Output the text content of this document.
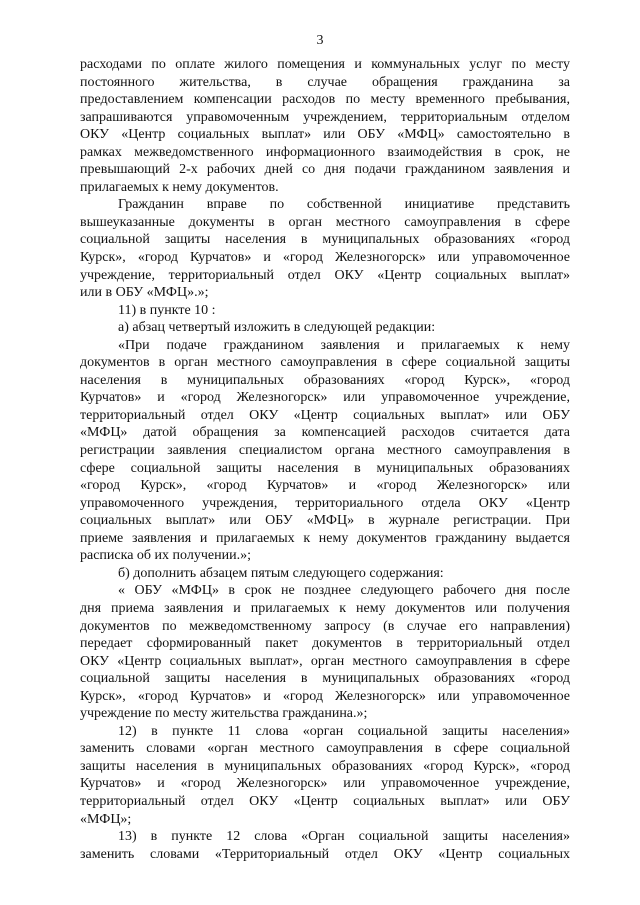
3
расходами по оплате жилого помещения и коммунальных услуг по месту
постоянного жительства, в случае обращения гражданина за
предоставлением компенсации расходов по месту временного пребывания,
запрашиваются управомоченным учреждением, территориальным отделом
ОКУ «Центр социальных выплат» или ОБУ «МФЦ» самостоятельно в
рамках межведомственного информационного взаимодействия в срок, не
превышающий 2-х рабочих дней со дня подачи гражданином заявления и
прилагаемых к нему документов.
Гражданин вправе по собственной инициативе представить
вышеуказанные документы в орган местного самоуправления в сфере
социальной защиты населения в муниципальных образованиях «город
Курск», «город Курчатов» и «город Железногорск» или управомоченное
учреждение, территориальный отдел ОКУ «Центр социальных выплат»
или в ОБУ «МФЦ».»;
11) в пункте 10 :
а) абзац четвертый изложить в следующей редакции:
«При подаче гражданином заявления и прилагаемых к нему
документов в орган местного самоуправления в сфере социальной защиты
населения в муниципальных образованиях «город Курск», «город
Курчатов» и «город Железногорск» или управомоченное учреждение,
территориальный отдел ОКУ «Центр социальных выплат» или ОБУ
«МФЦ» датой обращения за компенсацией расходов считается дата
регистрации заявления специалистом органа местного самоуправления в
сфере социальной защиты населения в муниципальных образованиях
«город Курск», «город Курчатов» и «город Железногорск» или
управомоченного учреждения, территориального отдела ОКУ «Центр
социальных выплат» или ОБУ «МФЦ» в журнале регистрации. При
приеме заявления и прилагаемых к нему документов гражданину выдается
расписка об их получении.»;
б) дополнить абзацем пятым следующего содержания:
« ОБУ «МФЦ» в срок не позднее следующего рабочего дня после
дня приема заявления и прилагаемых к нему документов или получения
документов по межведомственному запросу (в случае его направления)
передает сформированный пакет документов в территориальный отдел
ОКУ «Центр социальных выплат», орган местного самоуправления в сфере
социальной защиты населения в муниципальных образованиях «город
Курск», «город Курчатов» и «город Железногорск» или управомоченное
учреждение по месту жительства гражданина.»;
12) в пункте 11 слова «орган социальной защиты населения»
заменить словами «орган местного самоуправления в сфере социальной
защиты населения в муниципальных образованиях «город Курск», «город
Курчатов» и «город Железногорск» или управомоченное учреждение,
территориальный отдел ОКУ «Центр социальных выплат» или ОБУ
«МФЦ»;
13) в пункте 12 слова «Орган социальной защиты населения»
заменить словами «Территориальный отдел ОКУ «Центр социальных
